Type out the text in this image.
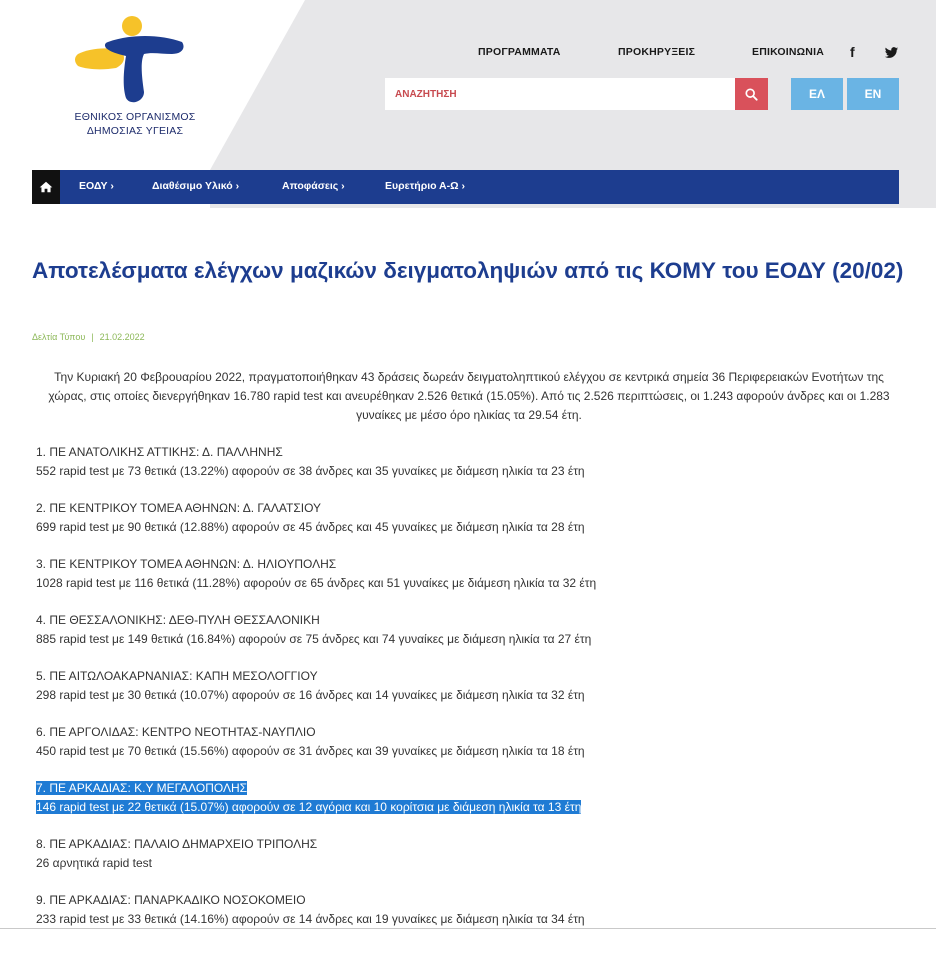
ΕΘΝΙΚΟΣ ΟΡΓΑΝΙΣΜΟΣ
ΔΗΜΟΣΙΑΣ ΥΓΕΙΑΣ
ΠΡΟΓΡΑΜΜΑΤΑ	ΠΡΟΚΗΡΥΞΕΙΣ	ΕΠΙΚΟΙΝΩΝΙΑ f
ΑΝΑΖΗΤΗΣΗ
ΕΛ	EN
ΕΟΔΥ ›	Διαθέσιμο Υλικό ›	Αποφάσεις ›	Ευρετήριο Α-Ω ›
Αποτελέσματα ελέγχων μαζικών δειγματοληψιών από τις ΚΟΜΥ του ΕΟΔΥ (20/02)
Δελτία Τύπου | 21.02.2022

Την Κυριακή 20 Φεβρουαρίου 2022, πραγματοποιήθηκαν 43 δράσεις δωρεάν δειγματοληπτικού ελέγχου σε κεντρικά σημεία 36 Περιφερειακών Ενοτήτων της χώρας, στις οποίες διενεργήθηκαν 16.780 rapid test και ανευρέθηκαν 2.526 θετικά (15.05%). Από τις 2.526 περιπτώσεις, οι 1.243 αφορούν άνδρες και οι 1.283 γυναίκες με μέσο όρο ηλικίας τα 29.54 έτη.

1. ΠΕ ΑΝΑΤΟΛΙΚΗΣ ΑΤΤΙΚΗΣ: Δ. ΠΑΛΛΗΝΗΣ
552 rapid test με 73 θετικά (13.22%) αφορούν σε 38 άνδρες και 35 γυναίκες με διάμεση ηλικία τα 23 έτη
2. ΠΕ ΚΕΝΤΡΙΚΟΥ ΤΟΜΕΑ ΑΘΗΝΩΝ: Δ. ΓΑΛΑΤΣΙΟΥ
699 rapid test με 90 θετικά (12.88%) αφορούν σε 45 άνδρες και 45 γυναίκες με διάμεση ηλικία τα 28 έτη
3. ΠΕ ΚΕΝΤΡΙΚΟΥ ΤΟΜΕΑ ΑΘΗΝΩΝ: Δ. ΗΛΙΟΥΠΟΛΗΣ
1028 rapid test με 116 θετικά (11.28%) αφορούν σε 65 άνδρες και 51 γυναίκες με διάμεση ηλικία τα 32 έτη
4. ΠΕ ΘΕΣΣΑΛΟΝΙΚΗΣ: ΔΕΘ-ΠΥΛΗ ΘΕΣΣΑΛΟΝΙΚΗ
885 rapid test με 149 θετικά (16.84%) αφορούν σε 75 άνδρες και 74 γυναίκες με διάμεση ηλικία τα 27 έτη
5. ΠΕ ΑΙΤΩΛΟΑΚΑΡΝΑΝΙΑΣ: ΚΑΠΗ ΜΕΣΟΛΟΓΓΙΟΥ
298 rapid test με 30 θετικά (10.07%) αφορούν σε 16 άνδρες και 14 γυναίκες με διάμεση ηλικία τα 32 έτη
6. ΠΕ ΑΡΓΟΛΙΔΑΣ: ΚΕΝΤΡΟ ΝΕΟΤΗΤΑΣ-ΝΑΥΠΛΙΟ
450 rapid test με 70 θετικά (15.56%) αφορούν σε 31 άνδρες και 39 γυναίκες με διάμεση ηλικία τα 18 έτη
7. ΠΕ ΑΡΚΑΔΙΑΣ: Κ.Υ ΜΕΓΑΛΟΠΟΛΗΣ
146 rapid test με 22 θετικά (15.07%) αφορούν σε 12 αγόρια και 10 κορίτσια με διάμεση ηλικία τα 13 έτη
8. ΠΕ ΑΡΚΑΔΙΑΣ: ΠΑΛΑΙΟ ΔΗΜΑΡΧΕΙΟ ΤΡΙΠΟΛΗΣ
26 αρνητικά rapid test
9. ΠΕ ΑΡΚΑΔΙΑΣ: ΠΑΝΑΡΚΑΔΙΚΟ ΝΟΣΟΚΟΜΕΙΟ
233 rapid test με 33 θετικά (14.16%) αφορούν σε 14 άνδρες και 19 γυναίκες με διάμεση ηλικία τα 34 έτη
